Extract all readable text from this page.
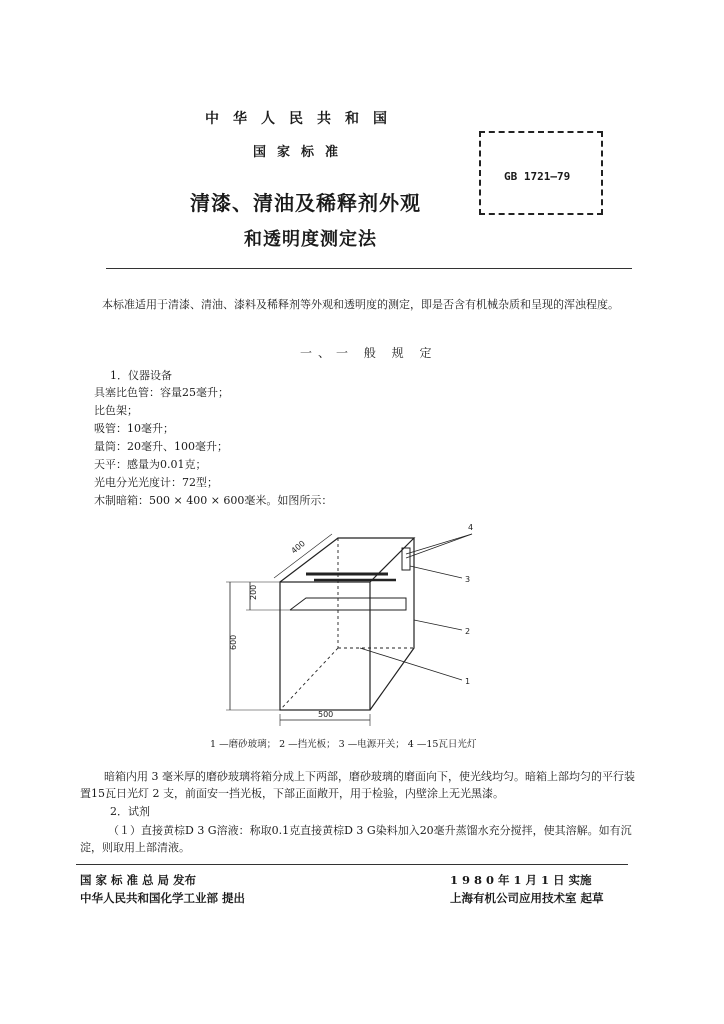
中华人民共和国
国家标准
GB 1721—79
清漆、清油及稀释剂外观
和透明度测定法
本标准适用于清漆、清油、漆料及稀释剂等外观和透明度的测定，即是否含有机械杂质和呈现的浑浊程度。
一、一 般 规 定
1．仪器设备
具塞比色管：容量25毫升；
比色架；
吸管：10毫升；
量筒：20毫升、100毫升；
天平：感量为0.01克；
光电分光光度计：72型；
木制暗箱：500 × 400 × 600毫米。如图所示：
4
3
2
1
400
200
600
500
1 —磨砂玻璃； 2 —挡光板； 3 —电源开关； 4 —15瓦日光灯
暗箱内用 3 毫米厚的磨砂玻璃将箱分成上下两部，磨砂玻璃的磨面向下，使光线均匀。暗箱上部均匀的平行装置15瓦日光灯 2 支，前面安一挡光板，下部正面敞开，用于检验，内壁涂上无光黑漆。
2．试剂
（１）直接黄棕D 3 G溶液：称取0.1克直接黄棕D 3 G染料加入20毫升蒸馏水充分搅拌，使其溶解。如有沉淀，则取用上部清液。
国 家 标 准 总 局 发布
中华人民共和国化学工业部 提出
1 9 8 0 年 1 月 1 日 实施
上海有机公司应用技术室 起草
